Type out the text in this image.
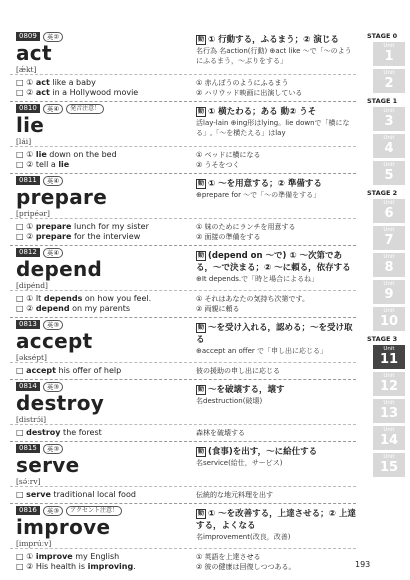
0809	英②
act
[ǽkt]
動 ① 行動する，ふるまう；② 演じる
名行為 名action(行動) ⊕act like ～で「～のようにふるまう，～ぶりをする」
□ ① act like a baby
□ ② act in a Hollywood movie
① 赤んぼうのようにふるまう
② ハリウッド映画に出演している
0810	英④	発音注意！
lie
[lái]
動 ① 横たわる；ある 動② うそ
活lay-lain ⊕ing形はlying。lie downで「横になる」,「～を横たえる」はlay
□ ① lie down on the bed
□ ② tell a lie
① ベッドに横になる
② うそをつく
0811	英④
prepare
[pripéər]
動 ① ～を用意する；② 準備する
⊕prepare for ～で「～の準備をする」
□ ① prepare lunch for my sister
□ ② prepare for the interview
① 妹のためにランチを用意する
② 面接の準備をする
0812	英④
depend
[dipénd]
動 (depend on ～で) ① ～次第である，～で決まる；② ～に頼る，依存する
⊕It depends.で「時と場合によるね」
□ ① It depends on how you feel.
□ ② depend on my parents
① それはあなたの気持ち次第です。
② 両親に頼る
0813	英③
accept
[əksépt]
動 ～を受け入れる，認める；～を受け取る
⊕accept an offer で「申し出に応じる」
□ accept his offer of help	彼の援助の申し出に応じる
0814	英③
destroy
[distrɔ́i]
動 ～を破壊する，壊す
名destruction(破壊)
□ destroy the forest	森林を破壊する
0815	英③
serve
[sə́ːrv]
動 (食事)を出す，～に給仕する
名service(給仕，サービス)
□ serve traditional local food	伝統的な地元料理を出す
0816	英③	アクセント注意！
improve
[imprúːv]
動 ① ～を改善する，上達させる；② 上達する，よくなる
名improvement(改良，改善)
□ ① improve my English
□ ② His health is improving.
① 英語を上達させる
② 彼の健康は回復しつつある。
STAGE 0
Unit
1
Unit
2
STAGE 1
Unit
3
Unit
4
Unit
5
STAGE 2
Unit
6
Unit
7
Unit
8
Unit
9
Unit
10
STAGE 3
Unit
11
Unit
12
Unit
13
Unit
14
Unit
15
193
